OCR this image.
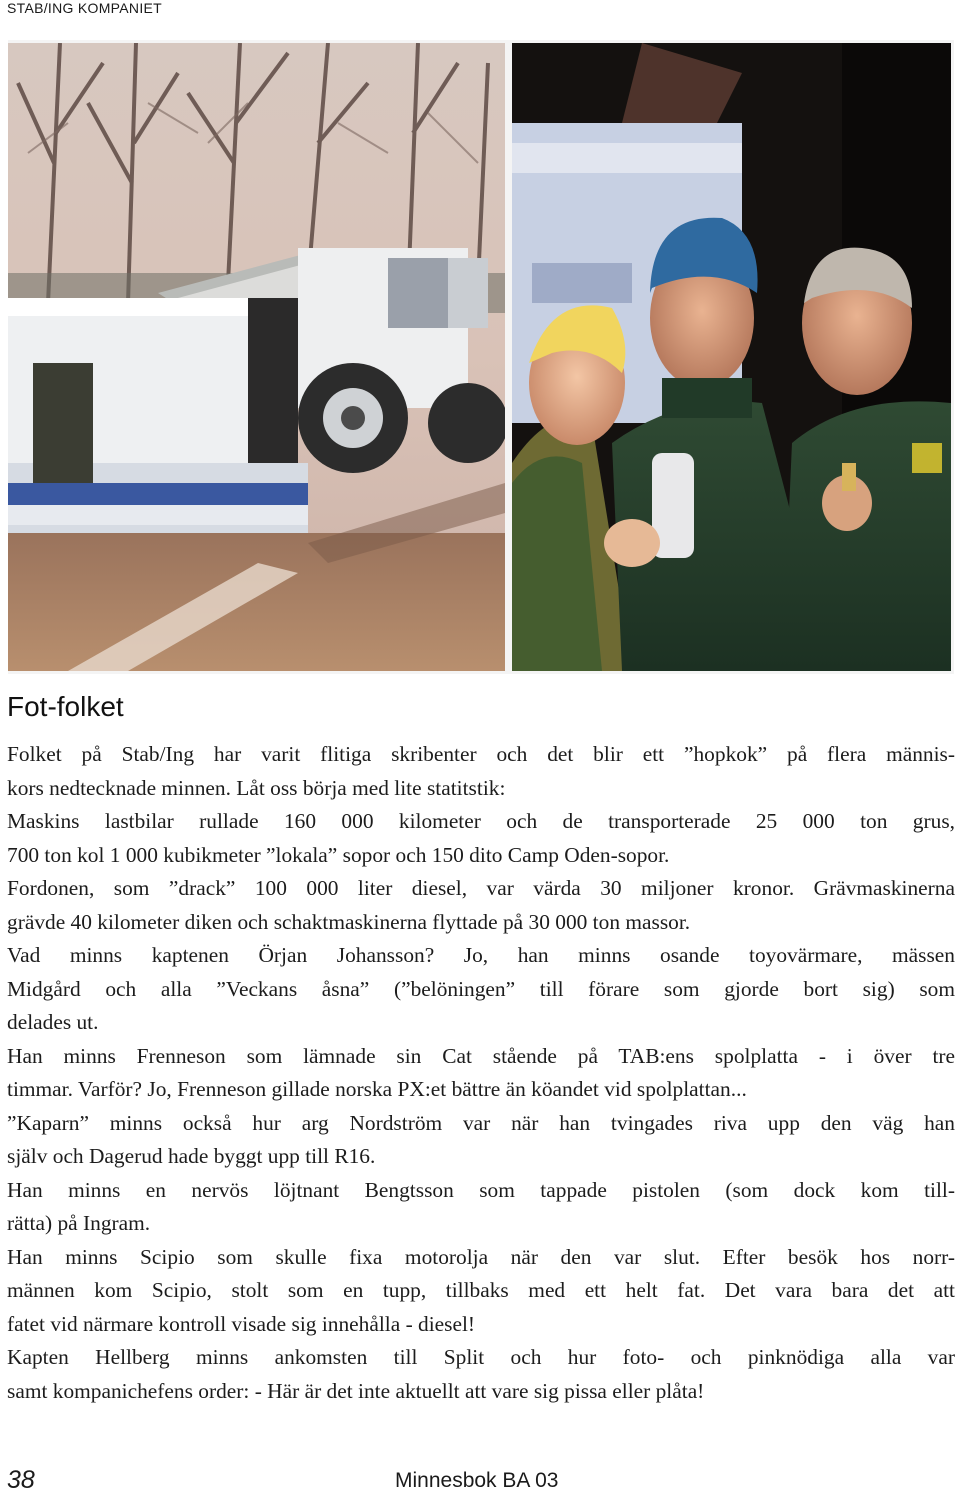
STAB/ING KOMPANIET
Fot-folket
Folket på Stab/Ing har varit flitiga skribenter och det blir ett ”hopkok” på flera männis-
kors nedtecknade minnen. Låt oss börja med lite statitstik:
Maskins lastbilar rullade 160 000 kilometer och de transporterade 25 000 ton grus,
700 ton kol 1 000 kubikmeter ”lokala” sopor och 150 dito Camp Oden-sopor.
Fordonen, som ”drack” 100 000 liter diesel, var värda 30 miljoner kronor. Grävmaskinerna
grävde 40 kilometer diken och schaktmaskinerna flyttade på 30 000 ton massor.
Vad minns kaptenen Örjan Johansson? Jo, han minns osande toyovärmare, mässen
Midgård och alla ”Veckans åsna” (”belöningen” till förare som gjorde bort sig) som
delades ut.
Han minns Frenneson som lämnade sin Cat stående på TAB:ens spolplatta - i över tre
timmar. Varför? Jo, Frenneson gillade norska PX:et bättre än köandet vid spolplattan...
”Kaparn” minns också hur arg Nordström var när han tvingades riva upp den väg han
själv och Dagerud hade byggt upp till R16.
Han minns en nervös löjtnant Bengtsson som tappade pistolen (som dock kom till-
rätta) på Ingram.
Han minns Scipio som skulle fixa motorolja när den var slut. Efter besök hos norr-
männen kom Scipio, stolt som en tupp, tillbaks med ett helt fat. Det vara bara det att
fatet vid närmare kontroll visade sig innehålla - diesel!
Kapten Hellberg minns ankomsten till Split och hur foto- och pinknödiga alla var
samt kompanichefens order: - Här är det inte aktuellt att vare sig pissa eller plåta!
38	Minnesbok BA 03
